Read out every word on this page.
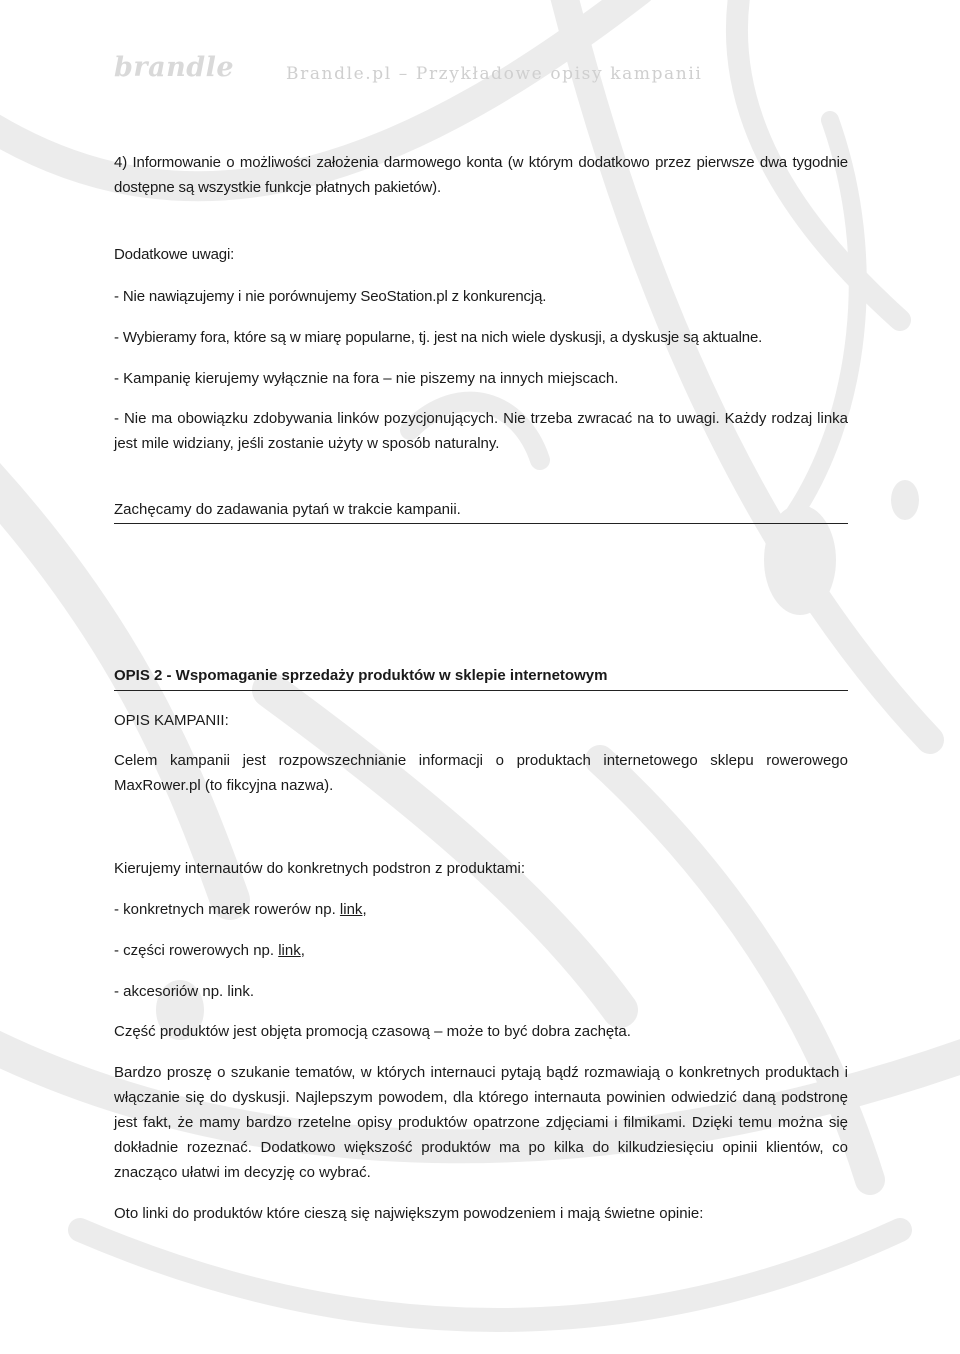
brandle	Brandle.pl – Przykładowe opisy kampanii
4) Informowanie o możliwości założenia darmowego konta (w którym dodatkowo przez pierwsze dwa tygodnie dostępne są wszystkie funkcje płatnych pakietów).
Dodatkowe uwagi:
- Nie nawiązujemy i nie porównujemy SeoStation.pl z konkurencją.
- Wybieramy fora, które są w miarę popularne, tj. jest na nich wiele dyskusji, a dyskusje są aktualne.
- Kampanię kierujemy wyłącznie na fora – nie piszemy na innych miejscach.
- Nie ma obowiązku zdobywania linków pozycjonujących. Nie trzeba zwracać na to uwagi. Każdy rodzaj linka jest mile widziany, jeśli zostanie użyty w sposób naturalny.
Zachęcamy do zadawania pytań w trakcie kampanii.
OPIS 2 - Wspomaganie sprzedaży produktów w sklepie internetowym
OPIS KAMPANII:
Celem kampanii jest rozpowszechnianie informacji o produktach internetowego sklepu rowerowego MaxRower.pl (to fikcyjna nazwa).
Kierujemy internautów do konkretnych podstron z produktami:
- konkretnych marek rowerów np. link,
- części rowerowych np. link,
- akcesoriów np. link.
Część produktów jest objęta promocją czasową – może to być dobra zachęta.
Bardzo proszę o szukanie tematów, w których internauci pytają bądź rozmawiają o konkretnych produktach i włączanie się do dyskusji. Najlepszym powodem, dla którego internauta powinien odwiedzić daną podstronę jest fakt, że mamy bardzo rzetelne opisy produktów opatrzone zdjęciami i filmikami. Dzięki temu można się dokładnie rozeznać. Dodatkowo większość produktów ma po kilka do kilkudziesięciu opinii klientów, co znacząco ułatwi im decyzję co wybrać.
Oto linki do produktów które cieszą się największym powodzeniem i mają świetne opinie:
